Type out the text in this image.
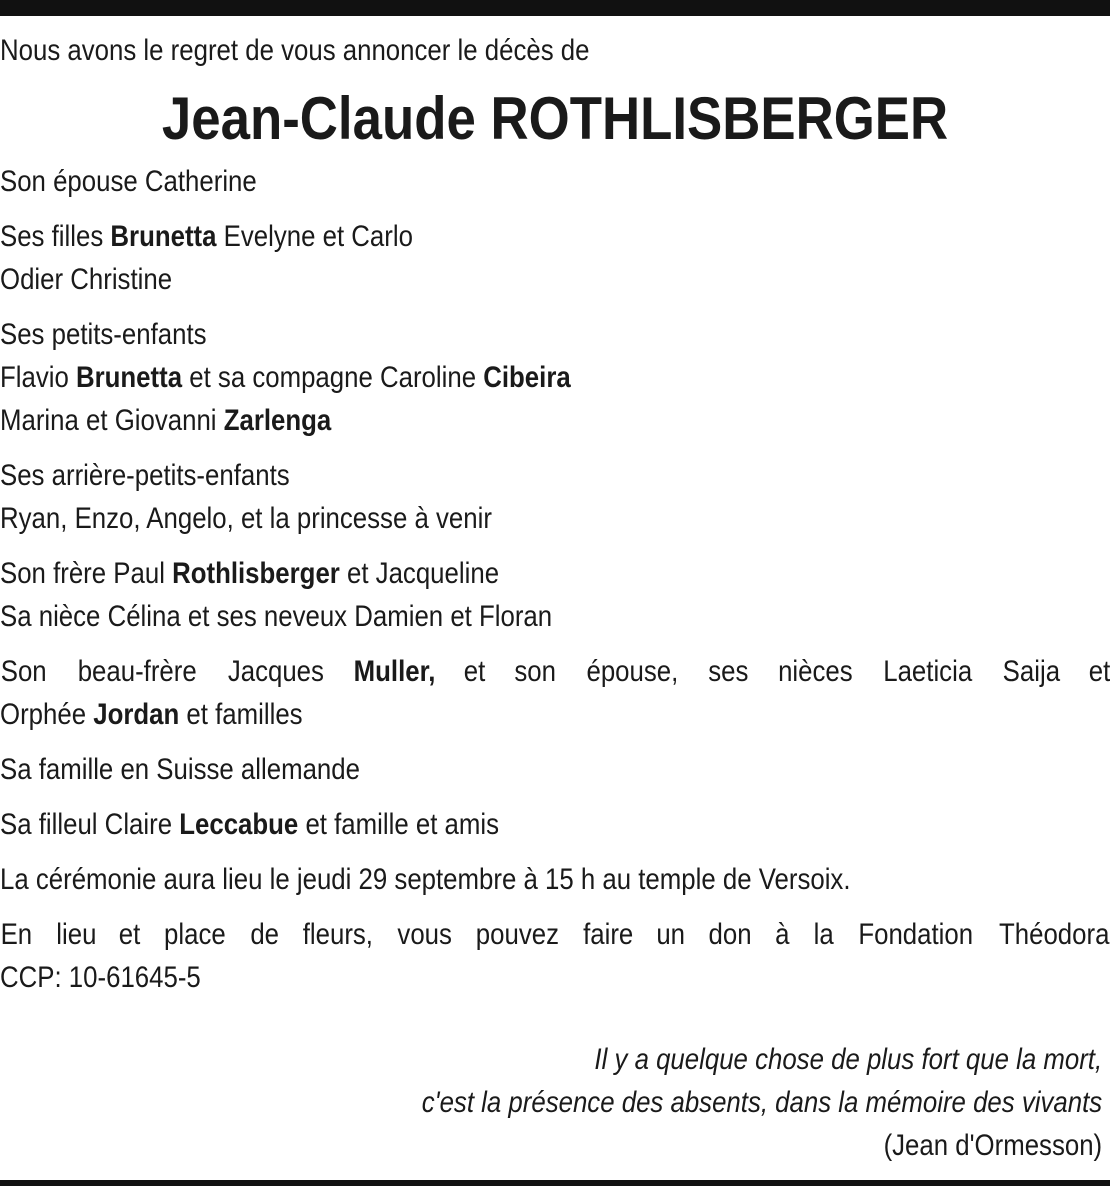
Nous avons le regret de vous annoncer le décès de
Jean-Claude ROTHLISBERGER
Son épouse Catherine
Ses filles Brunetta Evelyne et Carlo
Odier Christine
Ses petits-enfants
Flavio Brunetta et sa compagne Caroline Cibeira
Marina et Giovanni Zarlenga
Ses arrière-petits-enfants
Ryan, Enzo, Angelo, et la princesse à venir
Son frère Paul Rothlisberger et Jacqueline
Sa nièce Célina et ses neveux Damien et Floran
Son beau-frère Jacques Muller, et son épouse, ses nièces Laeticia Saija et
Orphée Jordan et familles
Sa famille en Suisse allemande
Sa filleul Claire Leccabue et famille et amis
La cérémonie aura lieu le jeudi 29 septembre à 15 h au temple de Versoix.
En lieu et place de fleurs, vous pouvez faire un don à la Fondation Théodora
CCP: 10-61645-5
Il y a quelque chose de plus fort que la mort,
c'est la présence des absents, dans la mémoire des vivants
(Jean d'Ormesson)
